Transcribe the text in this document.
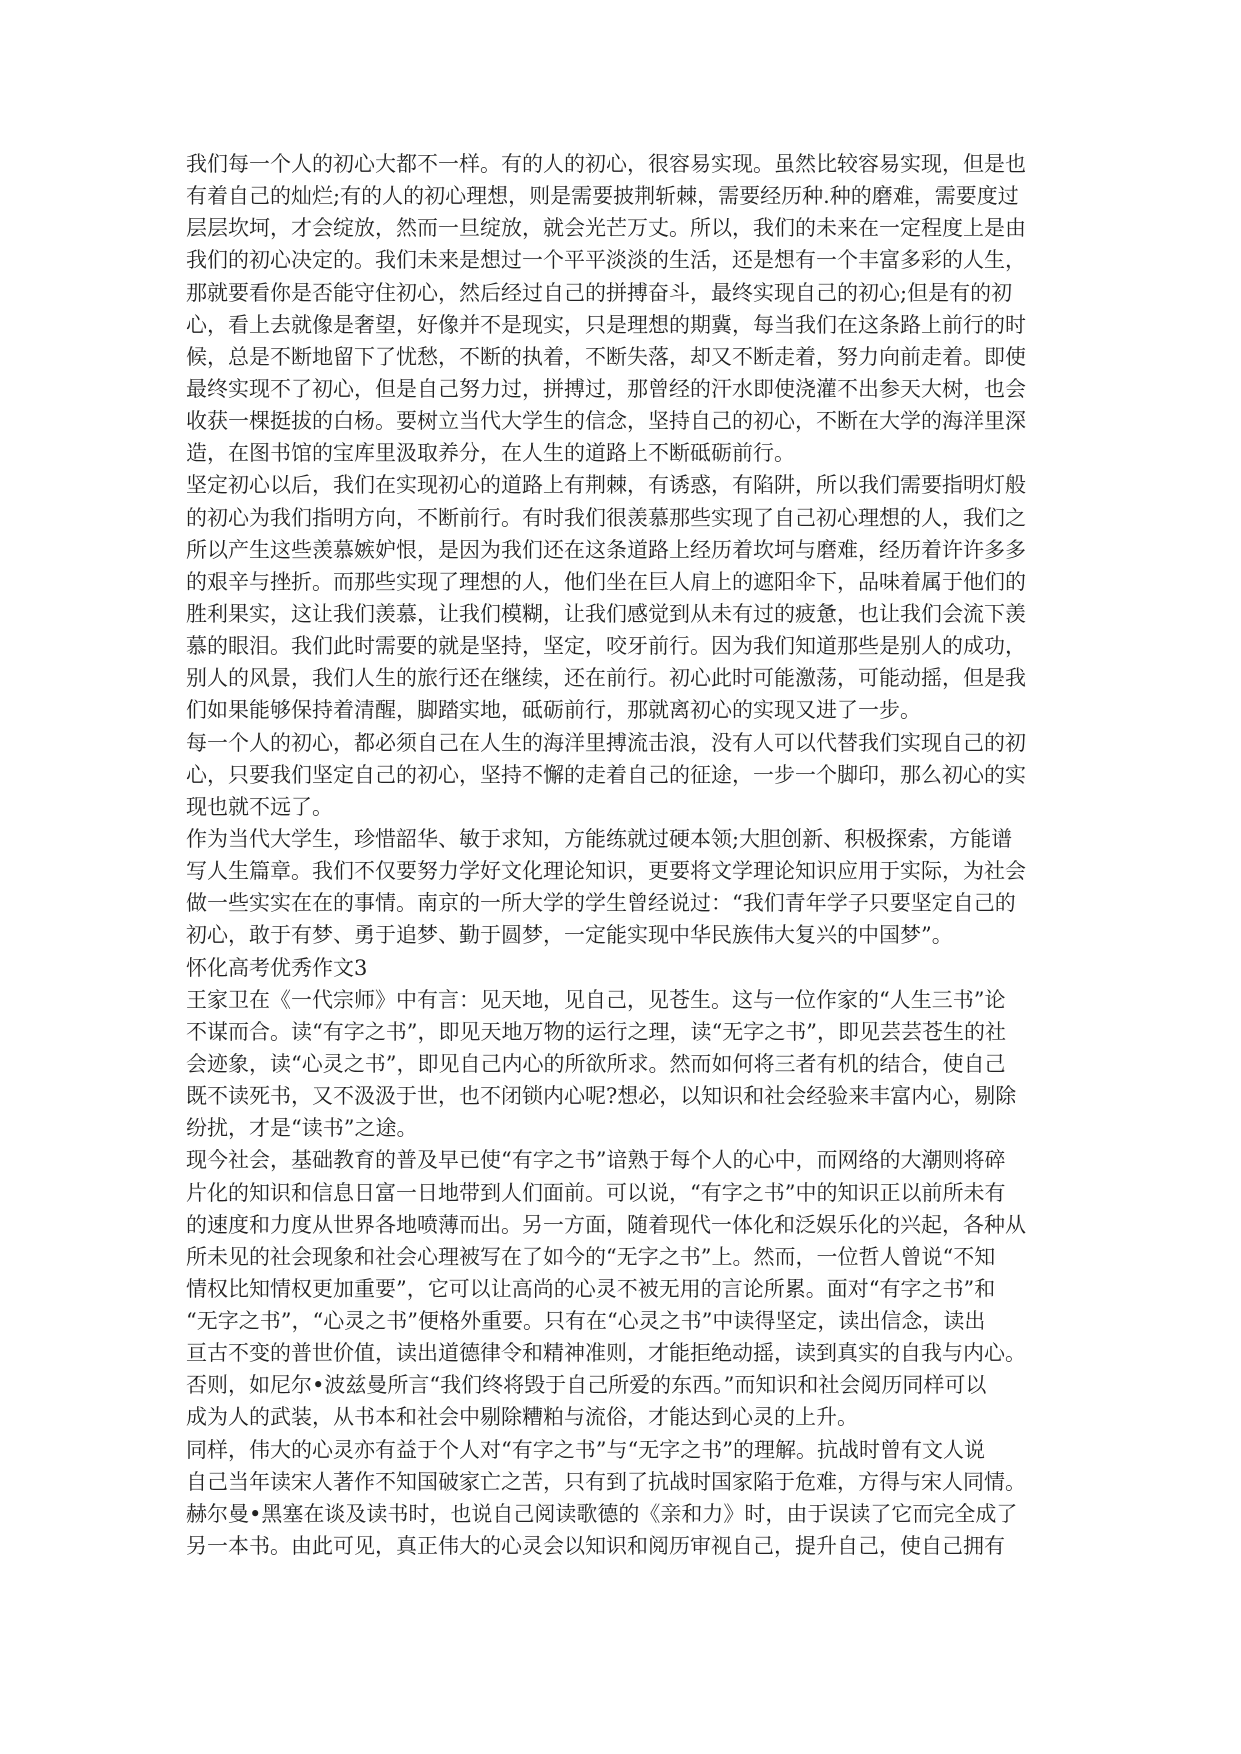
我们每一个人的初心大都不一样。有的人的初心，很容易实现。虽然比较容易实现，但是也
有着自己的灿烂;有的人的初心理想，则是需要披荆斩棘，需要经历种.种的磨难，需要度过
层层坎坷，才会绽放，然而一旦绽放，就会光芒万丈。所以，我们的未来在一定程度上是由
我们的初心决定的。我们未来是想过一个平平淡淡的生活，还是想有一个丰富多彩的人生，
那就要看你是否能守住初心，然后经过自己的拼搏奋斗，最终实现自己的初心;但是有的初
心，看上去就像是奢望，好像并不是现实，只是理想的期冀，每当我们在这条路上前行的时
候，总是不断地留下了忧愁，不断的执着，不断失落，却又不断走着，努力向前走着。即使
最终实现不了初心，但是自己努力过，拼搏过，那曾经的汗水即使浇灌不出参天大树，也会
收获一棵挺拔的白杨。要树立当代大学生的信念，坚持自己的初心，不断在大学的海洋里深
造，在图书馆的宝库里汲取养分，在人生的道路上不断砥砺前行。
坚定初心以后，我们在实现初心的道路上有荆棘，有诱惑，有陷阱，所以我们需要指明灯般
的初心为我们指明方向，不断前行。有时我们很羡慕那些实现了自己初心理想的人，我们之
所以产生这些羡慕嫉妒恨，是因为我们还在这条道路上经历着坎坷与磨难，经历着许许多多
的艰辛与挫折。而那些实现了理想的人，他们坐在巨人肩上的遮阳伞下，品味着属于他们的
胜利果实，这让我们羡慕，让我们模糊，让我们感觉到从未有过的疲惫，也让我们会流下羡
慕的眼泪。我们此时需要的就是坚持，坚定，咬牙前行。因为我们知道那些是别人的成功，
别人的风景，我们人生的旅行还在继续，还在前行。初心此时可能激荡，可能动摇，但是我
们如果能够保持着清醒，脚踏实地，砥砺前行，那就离初心的实现又进了一步。
每一个人的初心，都必须自己在人生的海洋里搏流击浪，没有人可以代替我们实现自己的初
心，只要我们坚定自己的初心，坚持不懈的走着自己的征途，一步一个脚印，那么初心的实
现也就不远了。
作为当代大学生，珍惜韶华、敏于求知，方能练就过硬本领;大胆创新、积极探索，方能谱
写人生篇章。我们不仅要努力学好文化理论知识，更要将文学理论知识应用于实际，为社会
做一些实实在在的事情。南京的一所大学的学生曾经说过：“我们青年学子只要坚定自己的
初心，敢于有梦、勇于追梦、勤于圆梦，一定能实现中华民族伟大复兴的中国梦”。
怀化高考优秀作文3
王家卫在《一代宗师》中有言：见天地，见自己，见苍生。这与一位作家的“人生三书”论
不谋而合。读“有字之书”，即见天地万物的运行之理，读“无字之书”，即见芸芸苍生的社
会迹象，读“心灵之书”，即见自己内心的所欲所求。然而如何将三者有机的结合，使自己
既不读死书，又不汲汲于世，也不闭锁内心呢?想必，以知识和社会经验来丰富内心，剔除
纷扰，才是“读书”之途。
现今社会，基础教育的普及早已使“有字之书”谙熟于每个人的心中，而网络的大潮则将碎
片化的知识和信息日富一日地带到人们面前。可以说，“有字之书”中的知识正以前所未有
的速度和力度从世界各地喷薄而出。另一方面，随着现代一体化和泛娱乐化的兴起，各种从
所未见的社会现象和社会心理被写在了如今的“无字之书”上。然而，一位哲人曾说“不知
情权比知情权更加重要”，它可以让高尚的心灵不被无用的言论所累。面对“有字之书”和
“无字之书”，“心灵之书”便格外重要。只有在“心灵之书”中读得坚定，读出信念，读出
亘古不变的普世价值，读出道德律令和精神准则，才能拒绝动摇，读到真实的自我与内心。
否则，如尼尔•波兹曼所言“我们终将毁于自己所爱的东西。”而知识和社会阅历同样可以
成为人的武装，从书本和社会中剔除糟粕与流俗，才能达到心灵的上升。
同样，伟大的心灵亦有益于个人对“有字之书”与“无字之书”的理解。抗战时曾有文人说
自己当年读宋人著作不知国破家亡之苦，只有到了抗战时国家陷于危难，方得与宋人同情。
赫尔曼•黑塞在谈及读书时，也说自己阅读歌德的《亲和力》时，由于误读了它而完全成了
另一本书。由此可见，真正伟大的心灵会以知识和阅历审视自己，提升自己，使自己拥有
